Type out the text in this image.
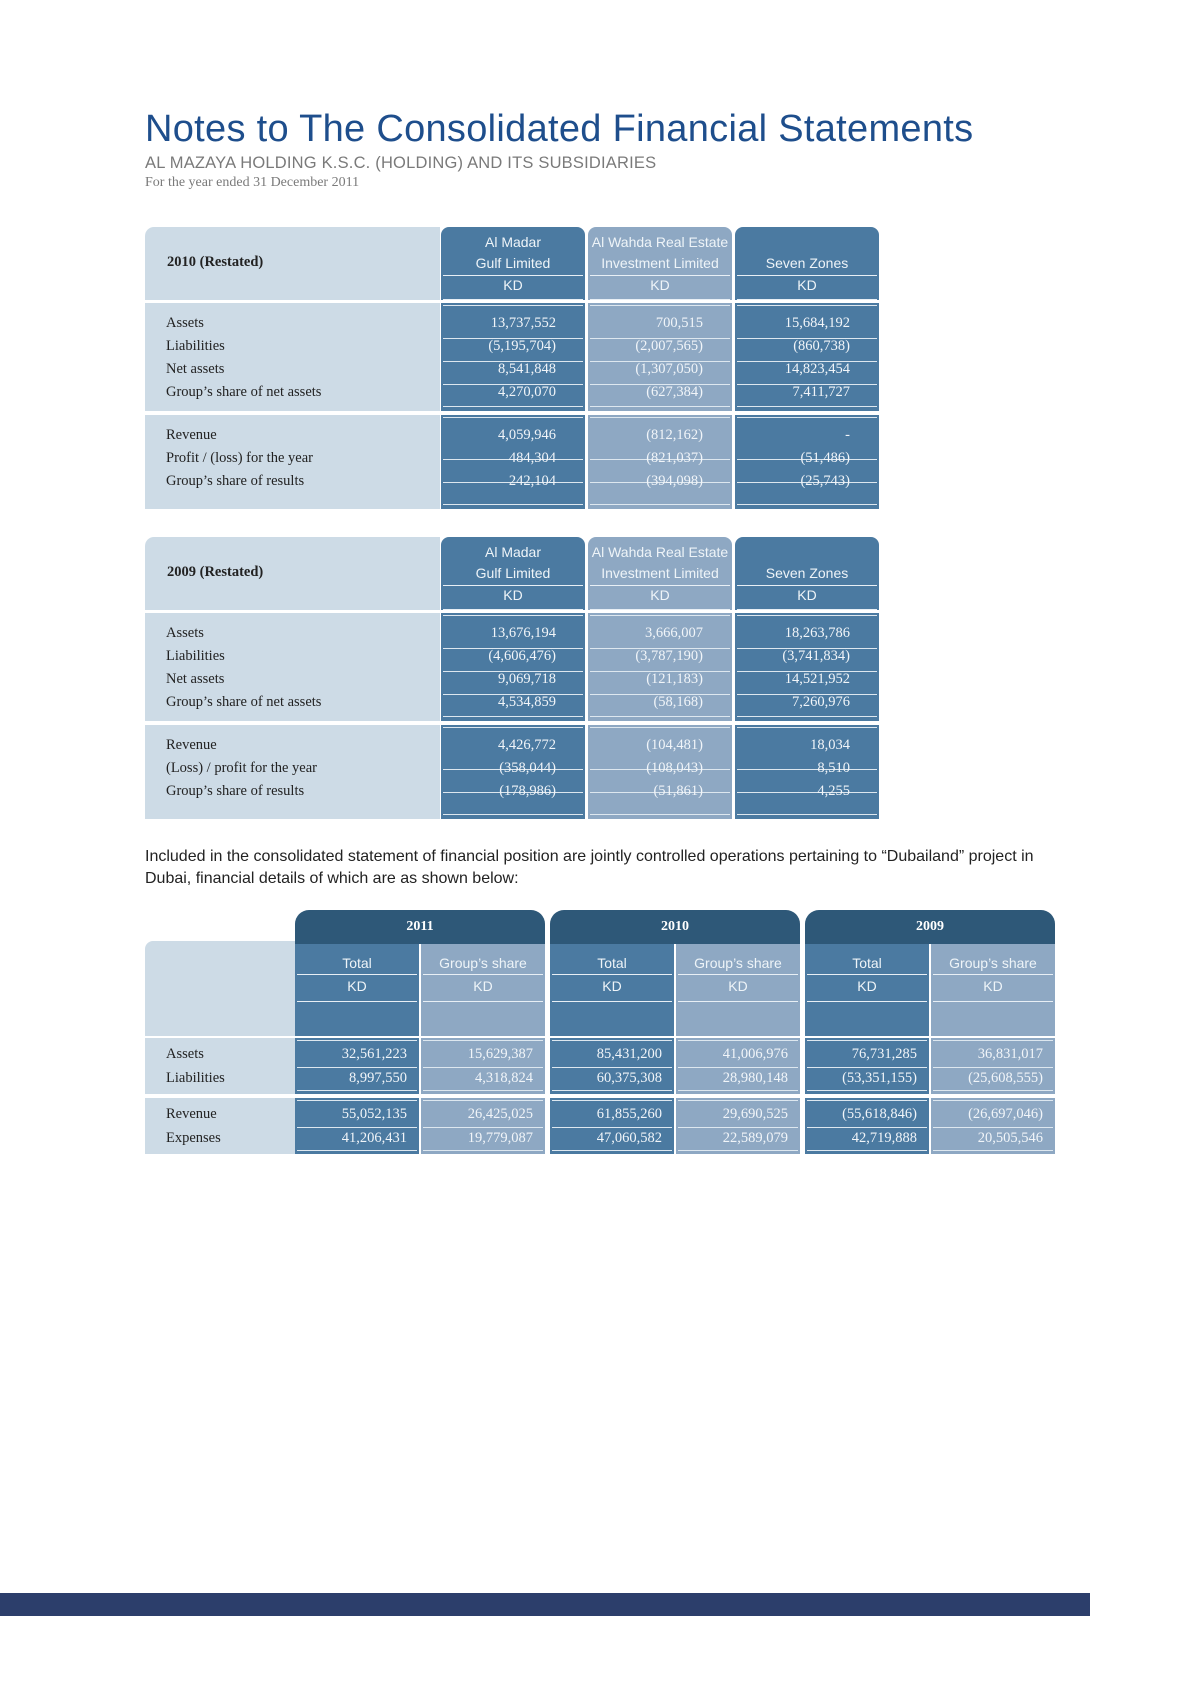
Notes to The Consolidated Financial Statements
AL MAZAYA HOLDING K.S.C. (HOLDING) AND ITS SUBSIDIARIES
For the year ended 31 December 2011
2010 (Restated)
Al Madar
Gulf Limited
KD
Al Wahda Real Estate
Investment Limited
KD
Seven Zones
KD
13,737,552
(5,195,704)
8,541,848
4,270,070
700,515
(2,007,565)
(1,307,050)
(627,384)
15,684,192
(860,738)
14,823,454
7,411,727
Assets
Liabilities
Net assets
Group’s share of net assets
4,059,946
484,304
242,104
(812,162)
(821,037)
(394,098)
-
(51,486)
(25,743)
Revenue
Profit / (loss) for the year
Group’s share of results
2009 (Restated)
Al Madar
Gulf Limited
KD
Al Wahda Real Estate
Investment Limited
KD
Seven Zones
KD
13,676,194
(4,606,476)
9,069,718
4,534,859
3,666,007
(3,787,190)
(121,183)
(58,168)
18,263,786
(3,741,834)
14,521,952
7,260,976
Assets
Liabilities
Net assets
Group’s share of net assets
4,426,772
(358,044)
(178,986)
(104,481)
(108,043)
(51,861)
18,034
8,510
4,255
Revenue
(Loss) / profit for the year
Group’s share of results
Included in the consolidated statement of financial position are jointly controlled operations pertaining to “Dubailand” project in Dubai, financial details of which are as shown below:
2011	2010	2009
Total
KD
Group’s share
KD
Total
KD
Group’s share
KD
Total
KD
Group’s share
KD
32,561,223
8,997,550
15,629,387
4,318,824
85,431,200
60,375,308
41,006,976
28,980,148
76,731,285
(53,351,155)
36,831,017
(25,608,555)
Assets
Liabilities
55,052,135
41,206,431
26,425,025
19,779,087
61,855,260
47,060,582
29,690,525
22,589,079
(55,618,846)
42,719,888
(26,697,046)
20,505,546
Revenue
Expenses
